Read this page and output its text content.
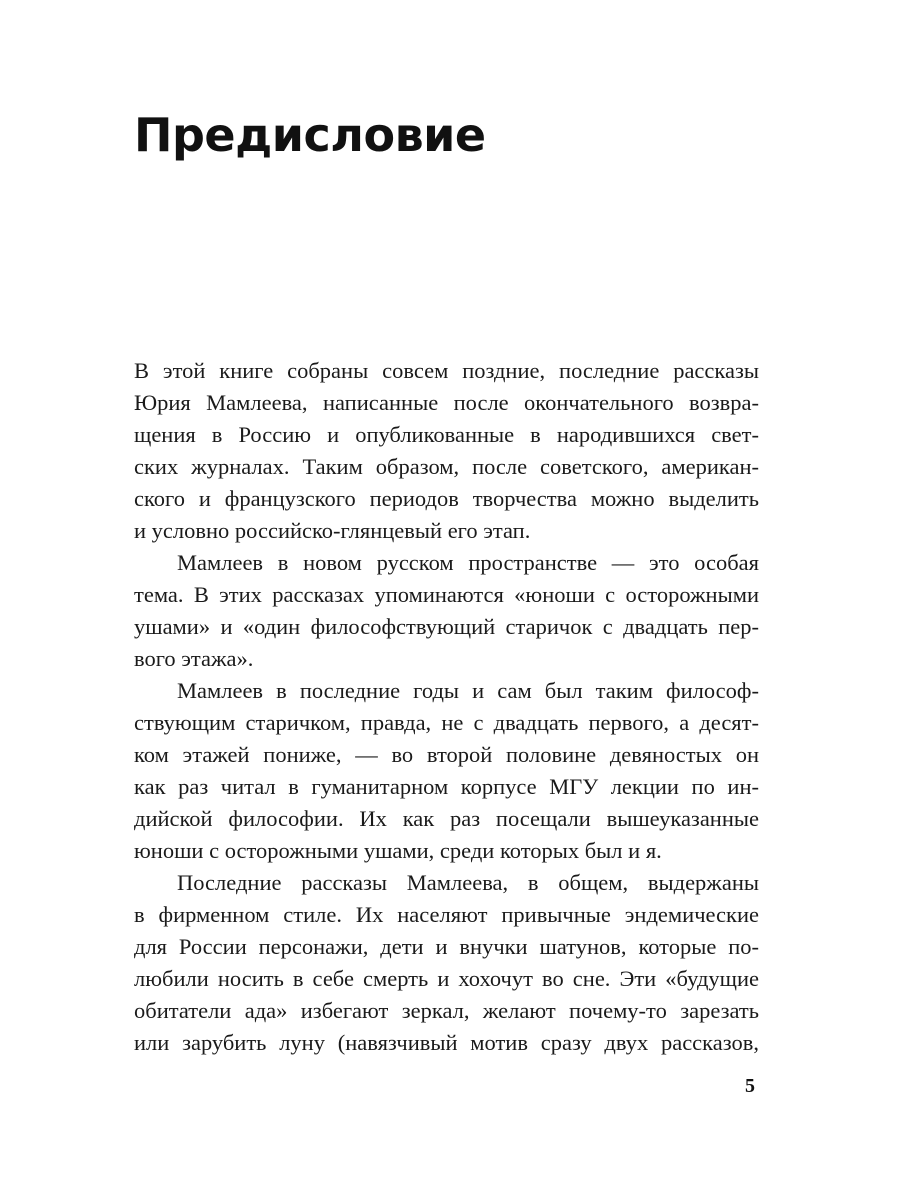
Предисловие
В этой книге собраны совсем поздние, последние рассказы
Юрия Мамлеева, написанные после окончательного возвра-
щения в Россию и опубликованные в народившихся свет-
ских журналах. Таким образом, после советского, американ-
ского и французского периодов творчества можно выделить
и условно российско-глянцевый его этап.
Мамлеев в новом русском пространстве — это особая
тема. В этих рассказах упоминаются «юноши с осторожными
ушами» и «один философствующий старичок с двадцать пер-
вого этажа».
Мамлеев в последние годы и сам был таким философ-
ствующим старичком, правда, не с двадцать первого, а десят-
ком этажей пониже, — во второй половине девяностых он
как раз читал в гуманитарном корпусе МГУ лекции по ин-
дийской философии. Их как раз посещали вышеуказанные
юноши с осторожными ушами, среди которых был и я.
Последние рассказы Мамлеева, в общем, выдержаны
в фирменном стиле. Их населяют привычные эндемические
для России персонажи, дети и внучки шатунов, которые по-
любили носить в себе смерть и хохочут во сне. Эти «будущие
обитатели ада» избегают зеркал, желают почему-то зарезать
или зарубить луну (навязчивый мотив сразу двух рассказов,
5
